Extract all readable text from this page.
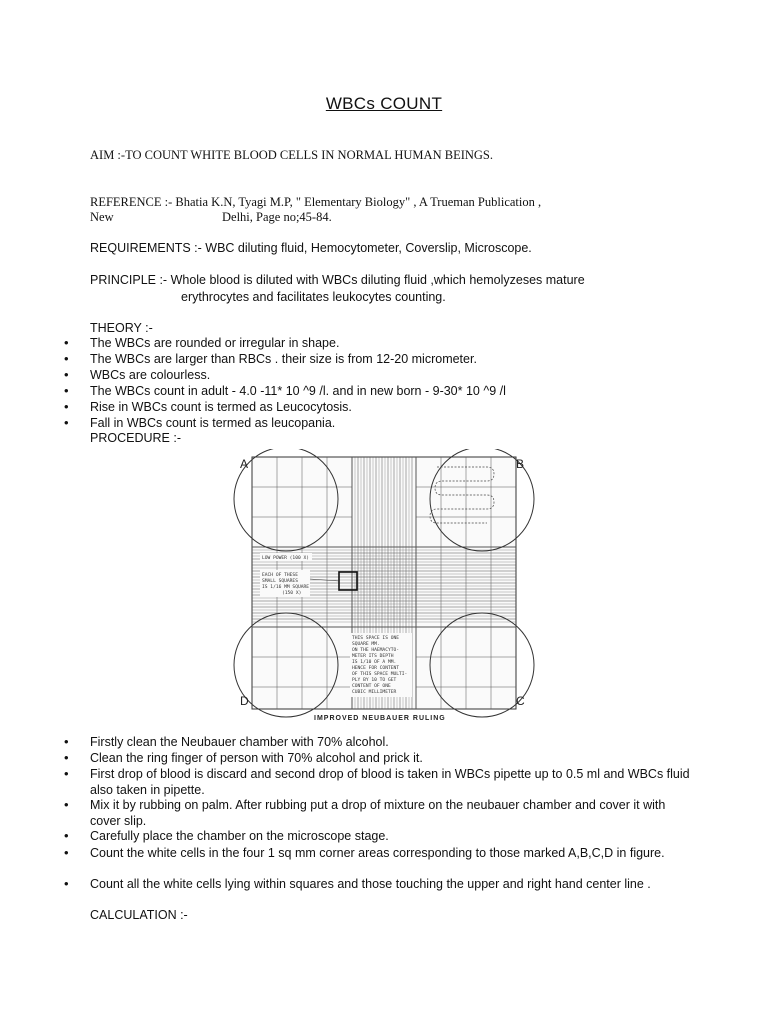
WBCs COUNT
AIM :-TO COUNT WHITE BLOOD CELLS IN NORMAL HUMAN BEINGS.
REFERENCE :- Bhatia K.N, Tyagi M.P, " Elementary Biology" , A Trueman Publication ,
New	Delhi, Page no;45-84.
REQUIREMENTS :- WBC diluting fluid, Hemocytometer, Coverslip, Microscope.
PRINCIPLE :- Whole blood is diluted with WBCs diluting fluid ,which hemolyzeses mature
erythrocytes and facilitates leukocytes counting.
THEORY :-
• The WBCs are rounded or irregular in shape.
• The WBCs are larger than RBCs . their size is from 12-20 micrometer.
• WBCs are colourless.
• The WBCs count in adult - 4.0 -11* 10 ^9 /l. and in new born - 9-30* 10 ^9 /l
• Rise in WBCs count is termed as Leucocytosis.
• Fall in WBCs count is termed as leucopania.
PROCEDURE :-
A	B
D	C
LOW POWER (100 X)
EACH OF THESE
SMALL SQUARES
IS 1/16 MM SQUARE
(150 X)
THIS SPACE IS ONE
SQUARE MM.
ON THE HAEMACYTO-
METER ITS DEPTH
IS 1/10 OF A MM.
HENCE FOR CONTENT
OF THIS SPACE MULTI-
PLY BY 10 TO GET
CONTENT OF ONE
CUBIC MILLIMETER
IMPROVED NEUBAUER RULING
• Firstly clean the Neubauer chamber with 70% alcohol.
• Clean the ring finger of person with 70% alcohol and prick it.
• First drop of blood is discard and second drop of blood is taken in WBCs pipette up to 0.5 ml and WBCs fluid also taken in pipette.
• Mix it by rubbing on palm. After rubbing put a drop of mixture on the neubauer chamber and cover it with cover slip.
• Carefully place the chamber on the microscope stage.
• Count the white cells in the four 1 sq mm corner areas corresponding to those marked A,B,C,D in figure.
• Count all the white cells lying within squares and those touching the upper and right hand center line .
CALCULATION :-
